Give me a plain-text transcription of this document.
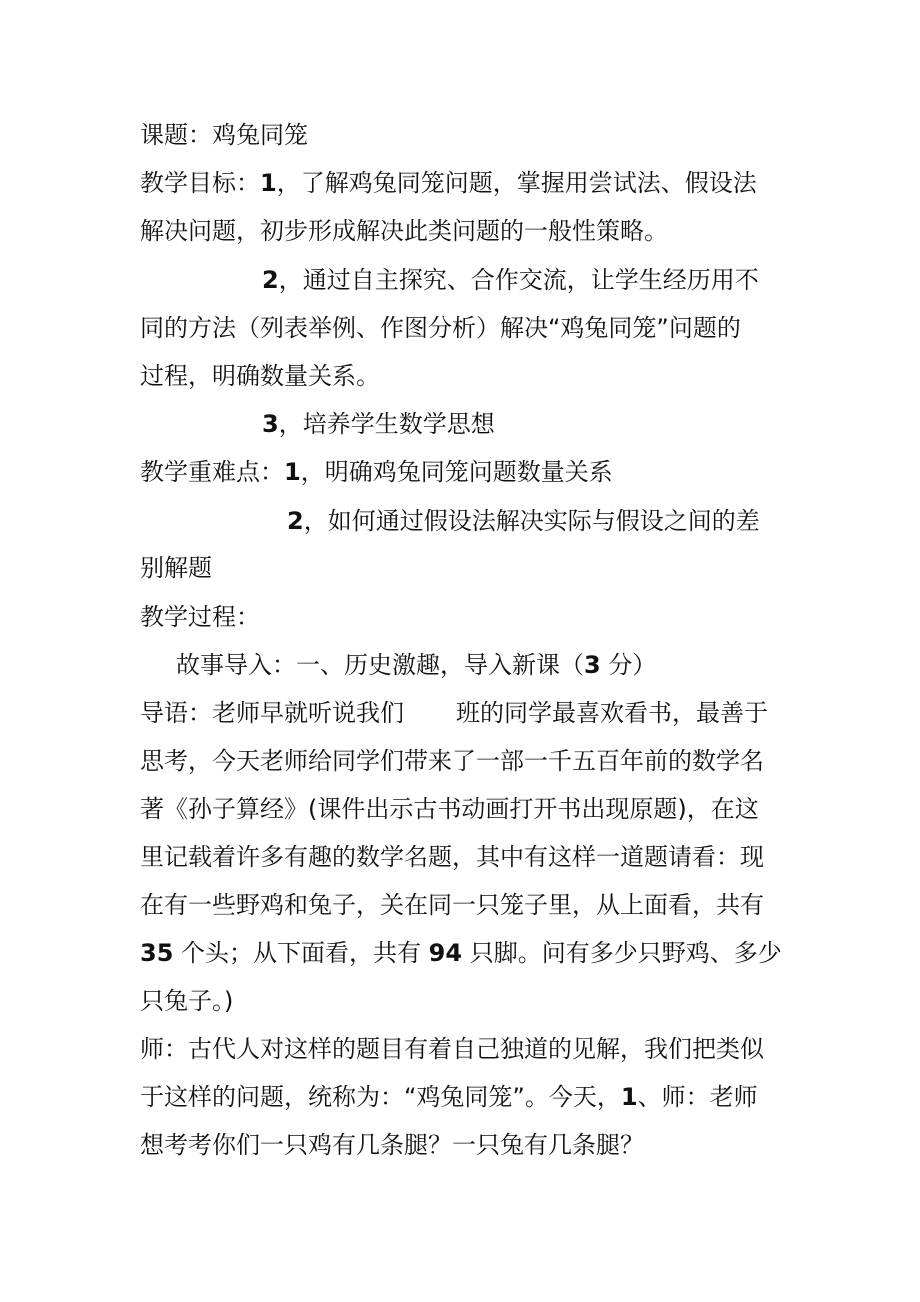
课题：鸡兔同笼
教学目标：1，了解鸡兔同笼问题，掌握用尝试法、假设法
解决问题，初步形成解决此类问题的一般性策略。
2，通过自主探究、合作交流，让学生经历用不
同的方法（列表举例、作图分析）解决“鸡兔同笼”问题的
过程，明确数量关系。
3，培养学生数学思想
教学重难点：1，明确鸡兔同笼问题数量关系
2，如何通过假设法解决实际与假设之间的差
别解题
教学过程：
故事导入：一、历史激趣，导入新课（3 分）
导语：老师早就听说我们 班的同学最喜欢看书，最善于
思考，今天老师给同学们带来了一部一千五百年前的数学名
著《孙子算经》(课件出示古书动画打开书出现原题)，在这
里记载着许多有趣的数学名题，其中有这样一道题请看：现
在有一些野鸡和兔子，关在同一只笼子里，从上面看，共有
35 个头；从下面看，共有 94 只脚。问有多少只野鸡、多少
只兔子。)
师：古代人对这样的题目有着自己独道的见解，我们把类似
于这样的问题，统称为：“鸡兔同笼”。今天，1、师：老师
想考考你们一只鸡有几条腿？一只兔有几条腿？
